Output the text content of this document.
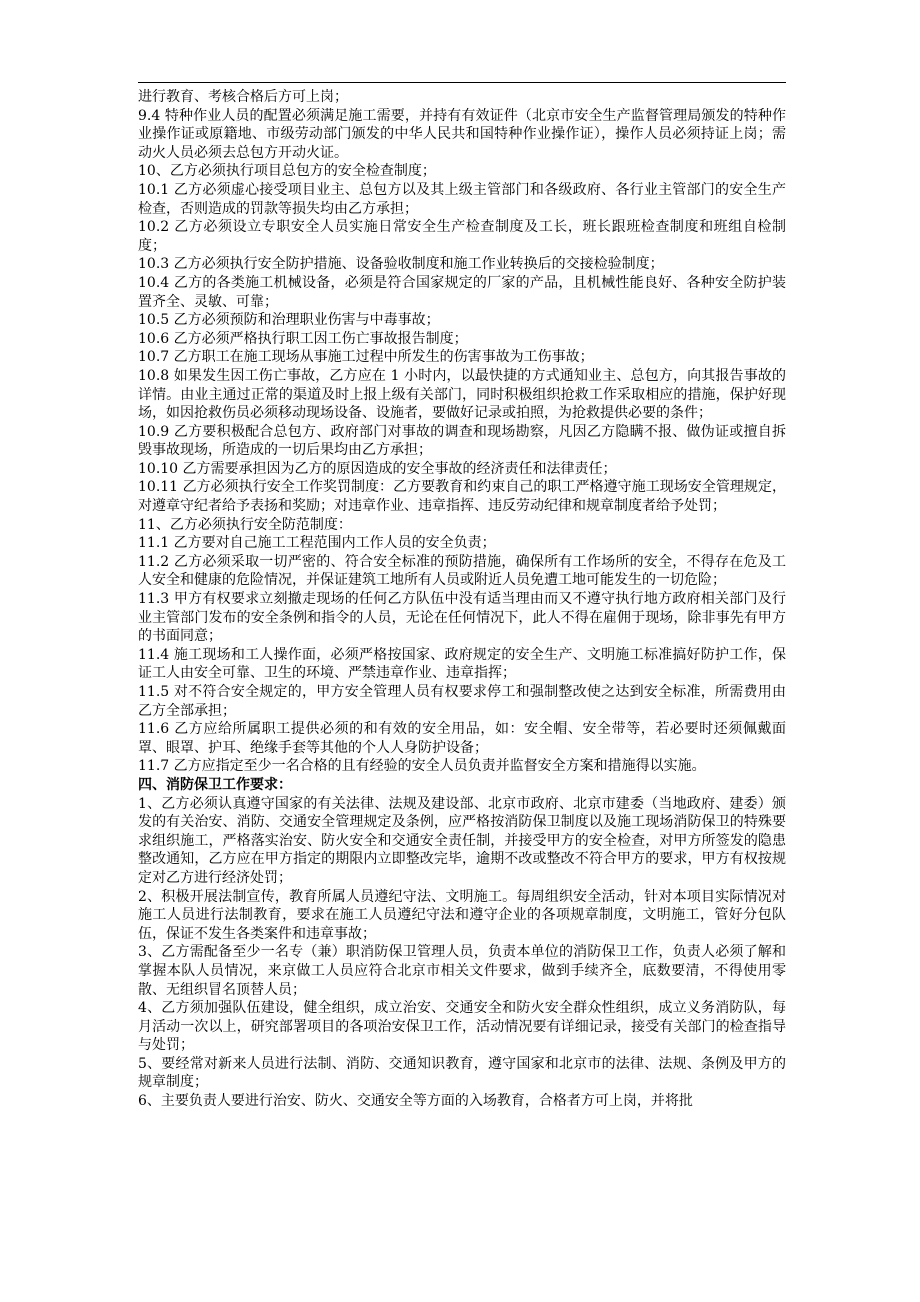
进行教育、考核合格后方可上岗；

9.4 特种作业人员的配置必须满足施工需要，并持有有效证件（北京市安全生产监督管理局颁发的特种作业操作证或原籍地、市级劳动部门颁发的中华人民共和国特种作业操作证），操作人员必须持证上岗；需动火人员必须去总包方开动火证。

10、乙方必须执行项目总包方的安全检查制度；

10.1 乙方必须虚心接受项目业主、总包方以及其上级主管部门和各级政府、各行业主管部门的安全生产检查，否则造成的罚款等损失均由乙方承担；

10.2 乙方必须设立专职安全人员实施日常安全生产检查制度及工长，班长跟班检查制度和班组自检制度；

10.3 乙方必须执行安全防护措施、设备验收制度和施工作业转换后的交接检验制度；

10.4 乙方的各类施工机械设备，必须是符合国家规定的厂家的产品，且机械性能良好、各种安全防护装置齐全、灵敏、可靠；

10.5 乙方必须预防和治理职业伤害与中毒事故；

10.6 乙方必须严格执行职工因工伤亡事故报告制度；

10.7 乙方职工在施工现场从事施工过程中所发生的伤害事故为工伤事故；

10.8 如果发生因工伤亡事故，乙方应在 1 小时内，以最快捷的方式通知业主、总包方，向其报告事故的详情。由业主通过正常的渠道及时上报上级有关部门，同时积极组织抢救工作采取相应的措施，保护好现场，如因抢救伤员必须移动现场设备、设施者，要做好记录或拍照，为抢救提供必要的条件；

10.9 乙方要积极配合总包方、政府部门对事故的调查和现场勘察，凡因乙方隐瞒不报、做伪证或擅自拆毁事故现场，所造成的一切后果均由乙方承担；

10.10 乙方需要承担因为乙方的原因造成的安全事故的经济责任和法律责任；

10.11 乙方必须执行安全工作奖罚制度：乙方要教育和约束自己的职工严格遵守施工现场安全管理规定，对遵章守纪者给予表扬和奖励；对违章作业、违章指挥、违反劳动纪律和规章制度者给予处罚；

11、乙方必须执行安全防范制度：

11.1 乙方要对自己施工工程范围内工作人员的安全负责；

11.2 乙方必须采取一切严密的、符合安全标准的预防措施，确保所有工作场所的安全，不得存在危及工人安全和健康的危险情况，并保证建筑工地所有人员或附近人员免遭工地可能发生的一切危险；

11.3 甲方有权要求立刻撤走现场的任何乙方队伍中没有适当理由而又不遵守执行地方政府相关部门及行业主管部门发布的安全条例和指令的人员，无论在任何情况下，此人不得在雇佣于现场，除非事先有甲方的书面同意；

11.4 施工现场和工人操作面，必须严格按国家、政府规定的安全生产、文明施工标准搞好防护工作，保证工人由安全可靠、卫生的环境、严禁违章作业、违章指挥；

11.5 对不符合安全规定的，甲方安全管理人员有权要求停工和强制整改使之达到安全标准，所需费用由乙方全部承担；

11.6 乙方应给所属职工提供必须的和有效的安全用品，如：安全帽、安全带等，若必要时还须佩戴面罩、眼罩、护耳、绝缘手套等其他的个人人身防护设备；

11.7 乙方应指定至少一名合格的且有经验的安全人员负责并监督安全方案和措施得以实施。

四、消防保卫工作要求：

1、乙方必须认真遵守国家的有关法律、法规及建设部、北京市政府、北京市建委（当地政府、建委）颁发的有关治安、消防、交通安全管理规定及条例，应严格按消防保卫制度以及施工现场消防保卫的特殊要求组织施工，严格落实治安、防火安全和交通安全责任制，并接受甲方的安全检查，对甲方所签发的隐患整改通知，乙方应在甲方指定的期限内立即整改完毕，逾期不改或整改不符合甲方的要求，甲方有权按规定对乙方进行经济处罚；

2、积极开展法制宣传，教育所属人员遵纪守法、文明施工。每周组织安全活动，针对本项目实际情况对施工人员进行法制教育，要求在施工人员遵纪守法和遵守企业的各项规章制度，文明施工，管好分包队伍，保证不发生各类案件和违章事故；

3、乙方需配备至少一名专（兼）职消防保卫管理人员，负责本单位的消防保卫工作，负责人必须了解和掌握本队人员情况，来京做工人员应符合北京市相关文件要求，做到手续齐全，底数要清，不得使用零散、无组织冒名顶替人员；

4、乙方须加强队伍建设，健全组织，成立治安、交通安全和防火安全群众性组织，成立义务消防队，每月活动一次以上，研究部署项目的各项治安保卫工作，活动情况要有详细记录，接受有关部门的检查指导与处罚；

5、要经常对新来人员进行法制、消防、交通知识教育，遵守国家和北京市的法律、法规、条例及甲方的规章制度；

6、主要负责人要进行治安、防火、交通安全等方面的入场教育，合格者方可上岗，并将批
